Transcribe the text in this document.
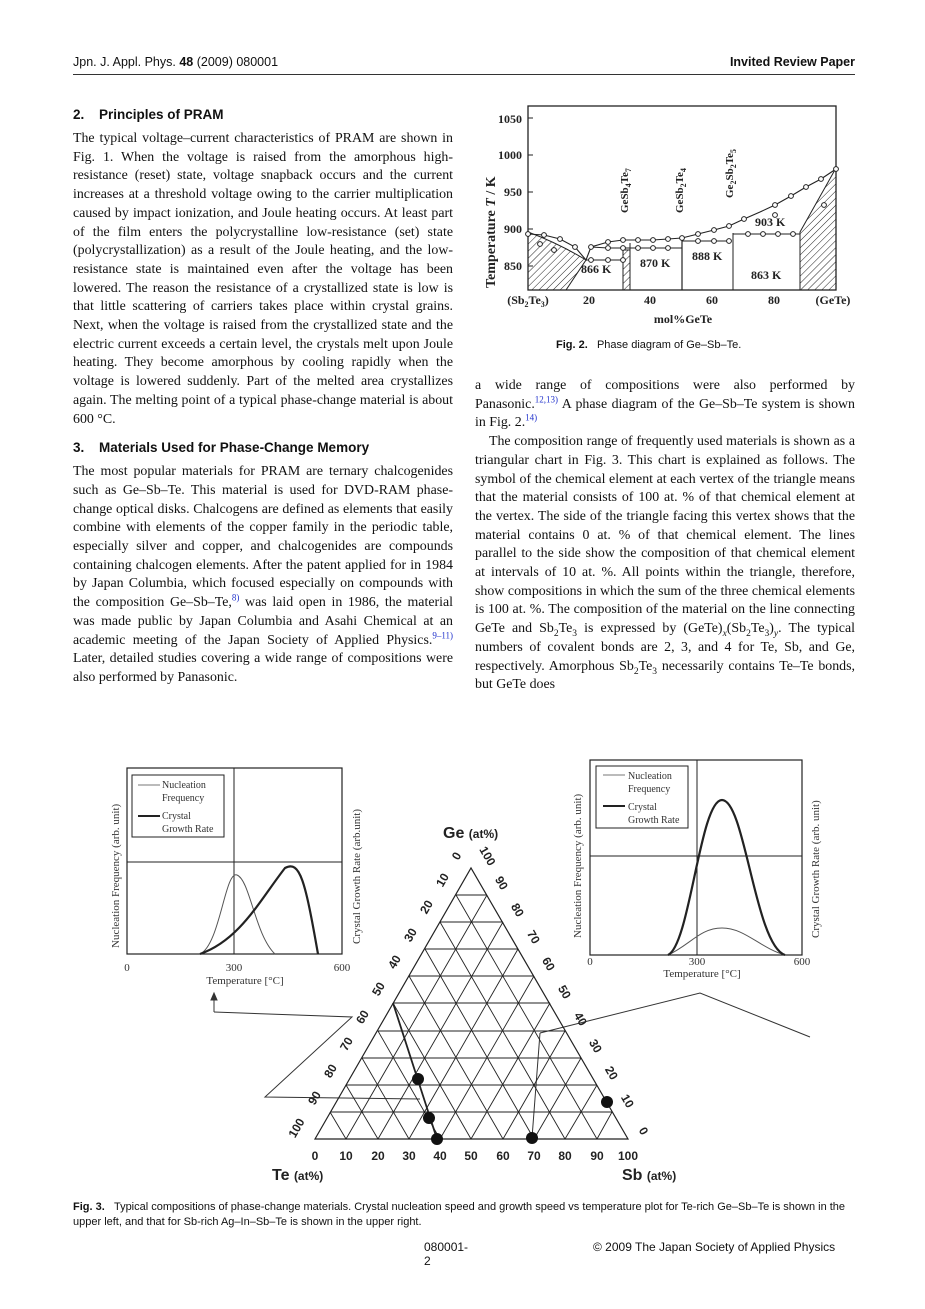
Jpn. J. Appl. Phys. 48 (2009) 080001	Invited Review Paper
2. Principles of PRAM

The typical voltage–current characteristics of PRAM are shown in Fig. 1. When the voltage is raised from the amorphous high-resistance (reset) state, voltage snapback occurs and the current increases at a threshold voltage owing to the carrier multiplication caused by impact ionization, and Joule heating occurs. At least part of the film enters the polycrystalline low-resistance (set) state (polycrystallization) as a result of the Joule heating, and the low-resistance state is maintained even after the voltage has been lowered. The reason the resistance of a crystallized state is low is that little scattering of carriers takes place within crystal grains. Next, when the voltage is raised from the crystallized state and the electric current exceeds a certain level, the crystals melt upon Joule heating. They become amorphous by cooling rapidly when the voltage is lowered suddenly. Part of the melted area crystallizes again. The melting point of a typical phase-change material is about 600 °C.

3. Materials Used for Phase-Change Memory

The most popular materials for PRAM are ternary chalcogenides such as Ge–Sb–Te. This material is used for DVD-RAM phase-change optical disks. Chalcogens are defined as elements that easily combine with elements of the copper family in the periodic table, especially silver and copper, and chalcogenides are compounds containing chalcogen elements. After the patent applied for in 1984 by Japan Columbia, which focused especially on compounds with the composition Ge–Sb–Te,$^{8)}$ was laid open in 1986, the material was made public by Japan Columbia and Asahi Chemical at an academic meeting of the Japan Society of Applied Physics.$^{9-11)}$ Later, detailed studies covering a wide range of compositions were also performed by Panasonic.

1050
1000
950
900
850
Temperature T / K
866 K 870 K 888 K
903 K
863 K
$GeSb_4Te_7$
$GeSb_2Te_4$
$Ge_2Sb_2Te_5$
$(Sb_2Te_3)$	20	40	60	80	(GeTe)
mol%GeTe
Fig. 2. Phase diagram of Ge–Sb–Te.

a wide range of compositions were also performed by Panasonic.$^{12,13)}$ A phase diagram of the Ge–Sb–Te system is shown in Fig. 2.$^{14)}$

The composition range of frequently used materials is shown as a triangular chart in Fig. 3. This chart is explained as follows. The symbol of the chemical element at each vertex of the triangle means that the material consists of 100 at. % of that chemical element at the vertex. The side of the triangle facing this vertex shows that the material contains 0 at. % of that chemical element. The lines parallel to the side show the composition of that chemical element at intervals of 10 at. %. All points within the triangle, therefore, show compositions in which the sum of the three chemical elements is 100 at. %. The composition of the material on the line connecting GeTe and $Sb_2Te_3$ is expressed by $(GeTe)_x(Sb_2Te_3)_y$. The typical numbers of covalent bonds are 2, 3, and 4 for Te, Sb, and Ge, respectively. Amorphous $Sb_2Te_3$ necessarily contains Te–Te bonds, but GeTe does

Nucleation
Frequency
Crystal
Growth Rate
0	300	600
Temperature [°C]
Nucleation Frequency (arb. unit)	Crystal Growth Rate (arb.unit)
Nucleation
Frequency
Crystal
Growth Rate
0	300	600
Temperature [°C]
Nucleation Frequency (arb. unit)	Crystal Growth Rate (arb. unit)
Ge (at%)
Te (at%)	Sb (at%)
0 10 20 30 40 50 60 70 80 90 100
0
10
20
30
40
50
60
70
80
90
100
100
90
80
70
60
50
40
30
20
10
0
Fig. 3. Typical compositions of phase-change materials. Crystal nucleation speed and growth speed vs temperature plot for Te-rich Ge–Sb–Te is shown in the upper left, and that for Sb-rich Ag–In–Sb–Te is shown in the upper right.
080001-2
© 2009 The Japan Society of Applied Physics
